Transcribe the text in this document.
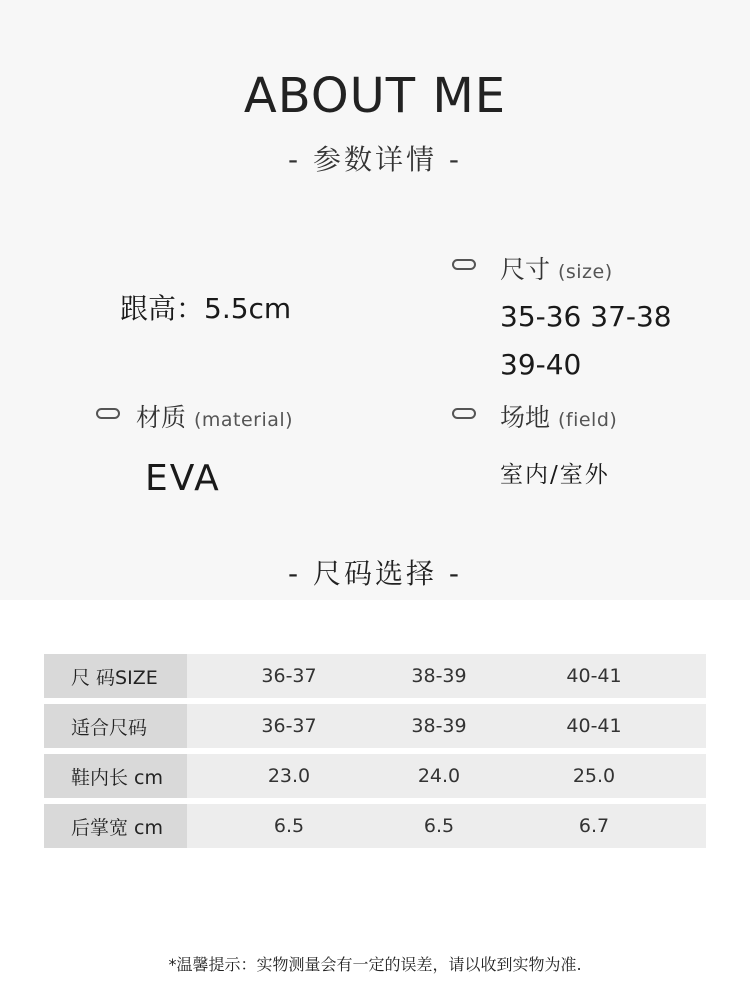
ABOUT ME
- 参数详情 -
跟高：5.5cm
尺寸 (size)
35-36 37-38
39-40
材质 (material)
EVA
场地 (field)
室内/室外
- 尺码选择 -
尺 码SIZE	36-37	38-39	40-41
适合尺码	36-37	38-39	40-41
鞋内长 cm	23.0	24.0	25.0
后掌宽 cm	6.5	6.5	6.7
*温馨提示：实物测量会有一定的误差，请以收到实物为准.
